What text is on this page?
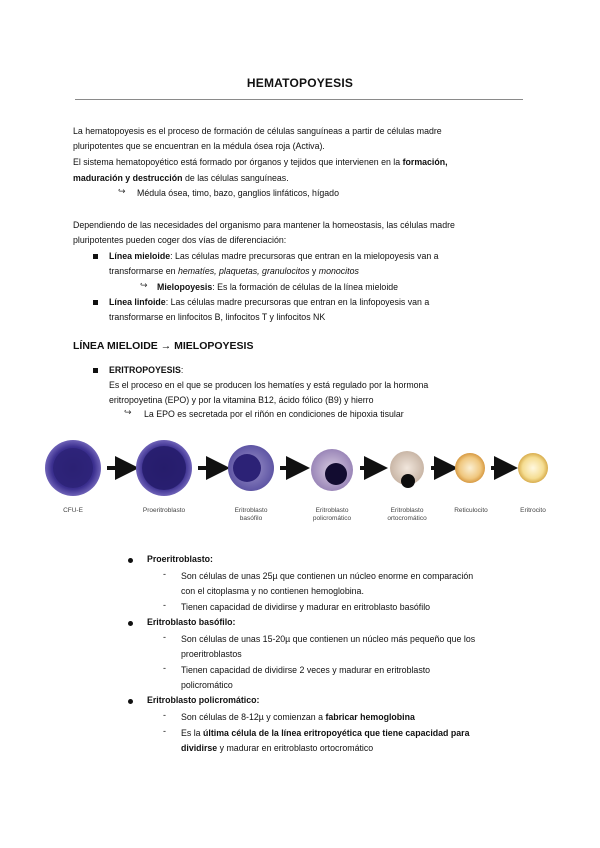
HEMATOPOYESIS
La hematopoyesis es el proceso de formación de células sanguíneas a partir de células madre
pluripotentes que se encuentran en la médula ósea roja (Activa).
El sistema hematopoyético está formado por órganos y tejidos que intervienen en la formación,
maduración y destrucción de las células sanguíneas.
↪ Médula ósea, timo, bazo, ganglios linfáticos, hígado
Dependiendo de las necesidades del organismo para mantener la homeostasis, las células madre
pluripotentes pueden coger dos vías de diferenciación:
Línea mieloide: Las células madre precursoras que entran en la mielopoyesis van a
transformarse en hematíes, plaquetas, granulocitos y monocitos
↪ Mielopoyesis: Es la formación de células de la línea mieloide
Línea linfoide: Las células madre precursoras que entran en la linfopoyesis van a
transformarse en linfocitos B, linfocitos T y linfocitos NK
LÍNEA MIELOIDE → MIELOPOYESIS
ERITROPOYESIS:
Es el proceso en el que se producen los hematíes y está regulado por la hormona
eritropoyetina (EPO) y por la vitamina B12, ácido fólico (B9) y hierro
↪ La EPO es secretada por el riñón en condiciones de hipoxia tisular
CFU-E	Proeritroblasto	Eritroblasto basófilo
Eritroblasto policromático
Eritroblasto ortocromático
Reticulocito	Eritrocito
Proeritroblasto:
- Son células de unas 25µ que contienen un núcleo enorme en comparación
con el citoplasma y no contienen hemoglobina.
- Tienen capacidad de dividirse y madurar en eritroblasto basófilo
Eritroblasto basófilo:
- Son células de unas 15-20µ que contienen un núcleo más pequeño que los
proeritroblastos
- Tienen capacidad de dividirse 2 veces y madurar en eritroblasto
policromático
Eritroblasto policromático:
- Son células de 8-12µ y comienzan a fabricar hemoglobina
- Es la última célula de la línea eritropoyética que tiene capacidad para
dividirse y madurar en eritroblasto ortocromático
